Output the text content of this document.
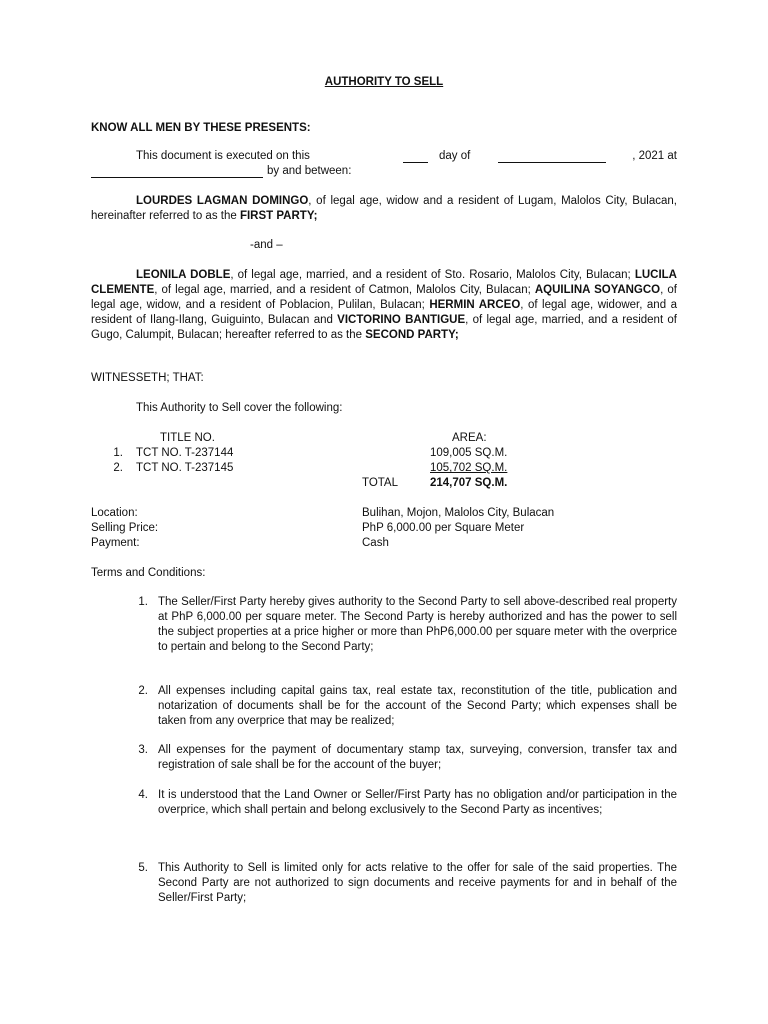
AUTHORITY TO SELL
KNOW ALL MEN BY THESE PRESENTS:
This document is executed on this	day of	, 2021 at
by and between:
LOURDES LAGMAN DOMINGO, of legal age, widow and a resident of Lugam, Malolos City, Bulacan, hereinafter referred to as the FIRST PARTY;
-and –
LEONILA DOBLE, of legal age, married, and a resident of Sto. Rosario, Malolos City, Bulacan; LUCILA CLEMENTE, of legal age, married, and a resident of Catmon, Malolos City, Bulacan; AQUILINA SOYANGCO, of legal age, widow, and a resident of Poblacion, Pulilan, Bulacan; HERMIN ARCEO, of legal age, widower, and a resident of Ilang-Ilang, Guiguinto, Bulacan and VICTORINO BANTIGUE, of legal age, married, and a resident of Gugo, Calumpit, Bulacan; hereafter referred to as the SECOND PARTY;
WITNESSETH; THAT:
This Authority to Sell cover the following:
TITLE NO.	AREA:
1. TCT NO. T-237144	109,005 SQ.M.
2. TCT NO. T-237145	105,702 SQ.M.
TOTAL	214,707 SQ.M.
Location:	Bulihan, Mojon, Malolos City, Bulacan
Selling Price:	PhP 6,000.00 per Square Meter
Payment:	Cash
Terms and Conditions:
1. The Seller/First Party hereby gives authority to the Second Party to sell above-described real property at PhP 6,000.00 per square meter. The Second Party is hereby authorized and has the power to sell the subject properties at a price higher or more than PhP6,000.00 per square meter with the overprice to pertain and belong to the Second Party;
2. All expenses including capital gains tax, real estate tax, reconstitution of the title, publication and notarization of documents shall be for the account of the Second Party; which expenses shall be taken from any overprice that may be realized;
3. All expenses for the payment of documentary stamp tax, surveying, conversion, transfer tax and registration of sale shall be for the account of the buyer;
4. It is understood that the Land Owner or Seller/First Party has no obligation and/or participation in the overprice, which shall pertain and belong exclusively to the Second Party as incentives;
5. This Authority to Sell is limited only for acts relative to the offer for sale of the said properties. The Second Party are not authorized to sign documents and receive payments for and in behalf of the Seller/First Party;
